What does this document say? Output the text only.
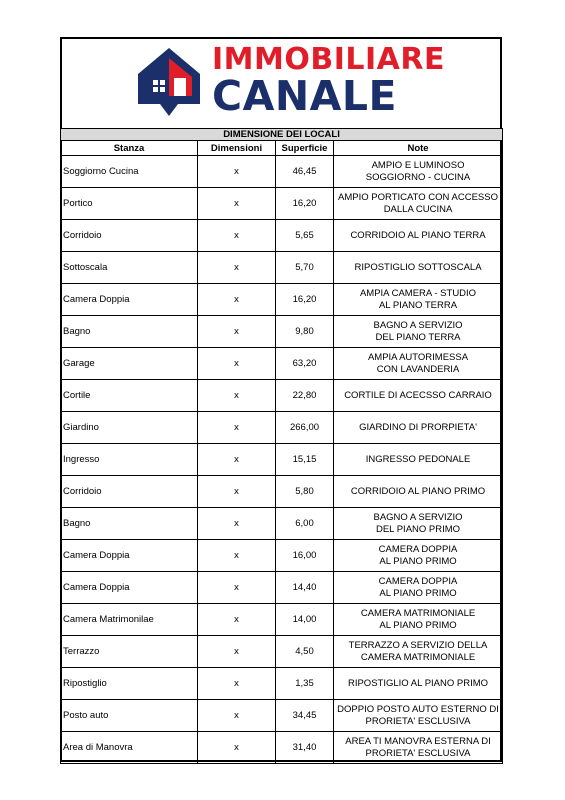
IMMOBILIARE
CANALE
DIMENSIONE DEI LOCALI			
Stanza	Dimensioni	Superficie	Note
Soggiorno Cucina	x	46,45	AMPIO E LUMINOSO
SOGGIORNO - CUCINA
Portico	x	16,20	AMPIO PORTICATO CON ACCESSO
DALLA CUCINA
Corridoio	x	5,65	CORRIDOIO AL PIANO TERRA
Sottoscala	x	5,70	RIPOSTIGLIO SOTTOSCALA
Camera Doppia	x	16,20	AMPIA CAMERA - STUDIO
AL PIANO TERRA
Bagno	x	9,80	BAGNO A SERVIZIO
DEL PIANO TERRA
Garage	x	63,20	AMPIA AUTORIMESSA
CON LAVANDERIA
Cortile	x	22,80	CORTILE DI ACECSSO CARRAIO
Giardino	x	266,00	GIARDINO DI PRORPIETA'
Ingresso	x	15,15	INGRESSO PEDONALE
Corridoio	x	5,80	CORRIDOIO AL PIANO PRIMO
Bagno	x	6,00	BAGNO A SERVIZIO
DEL PIANO PRIMO
Camera Doppia	x	16,00	CAMERA DOPPIA
AL PIANO PRIMO
Camera Doppia	x	14,40	CAMERA DOPPIA
AL PIANO PRIMO
Camera Matrimonilae	x	14,00	CAMERA MATRIMONIALE
AL PIANO PRIMO
Terrazzo	x	4,50	TERRAZZO A SERVIZIO DELLA
CAMERA MATRIMONIALE
Ripostiglio	x	1,35	RIPOSTIGLIO AL PIANO PRIMO
Posto auto	x	34,45	DOPPIO POSTO AUTO ESTERNO DI
PRORIETA' ESCLUSIVA
Area di Manovra	x	31,40	AREA TI MANOVRA ESTERNA DI
PRORIETA' ESCLUSIVA
